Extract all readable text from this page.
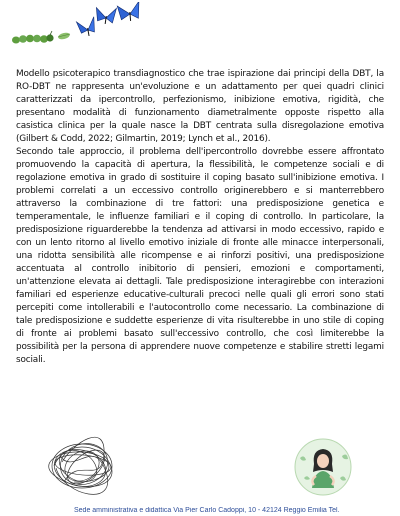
Modello psicoterapico transdiagnostico che trae ispirazione dai principi della DBT, la RO-DBT ne rappresenta un'evoluzione e un adattamento per quei quadri clinici caratterizzati da ipercontrollo, perfezionismo, inibizione emotiva, rigidità, che presentano modalità di funzionamento diametralmente opposte rispetto alla casistica clinica per la quale nasce la DBT centrata sulla disregolazione emotiva (Gilbert & Codd, 2022; Gilmartin, 2019; Lynch et al., 2016).

Secondo tale approccio, il problema dell'ipercontrollo dovrebbe essere affrontato promuovendo la capacità di apertura, la flessibilità, le competenze sociali e di regolazione emotiva in grado di sostituire il coping basato sull'inibizione emotiva. I problemi correlati a un eccessivo controllo originerebbero e si manterrebbero attraverso la combinazione di tre fattori: una predisposizione genetica e temperamentale, le influenze familiari e il coping di controllo. In particolare, la predisposizione riguarderebbe la tendenza ad attivarsi in modo eccessivo, rapido e con un lento ritorno al livello emotivo iniziale di fronte alle minacce interpersonali, una ridotta sensibilità alle ricompense e ai rinforzi positivi, una predisposizione accentuata al controllo inibitorio di pensieri, emozioni e comportamenti, un'attenzione elevata ai dettagli. Tale predisposizione interagirebbe con interazioni familiari ed esperienze educative-culturali precoci nelle quali gli errori sono stati percepiti come intollerabili e l'autocontrollo come necessario. La combinazione di tale predisposizione e suddette esperienze di vita risulterebbe in uno stile di coping di fronte ai problemi basato sull'eccessivo controllo, che così limiterebbe la possibilità per la persona di apprendere nuove competenze e stabilire stretti legami sociali.

Sede amministrativa e didattica Via Pier Carlo Cadoppi, 10 - 42124 Reggio Emilia Tel.
